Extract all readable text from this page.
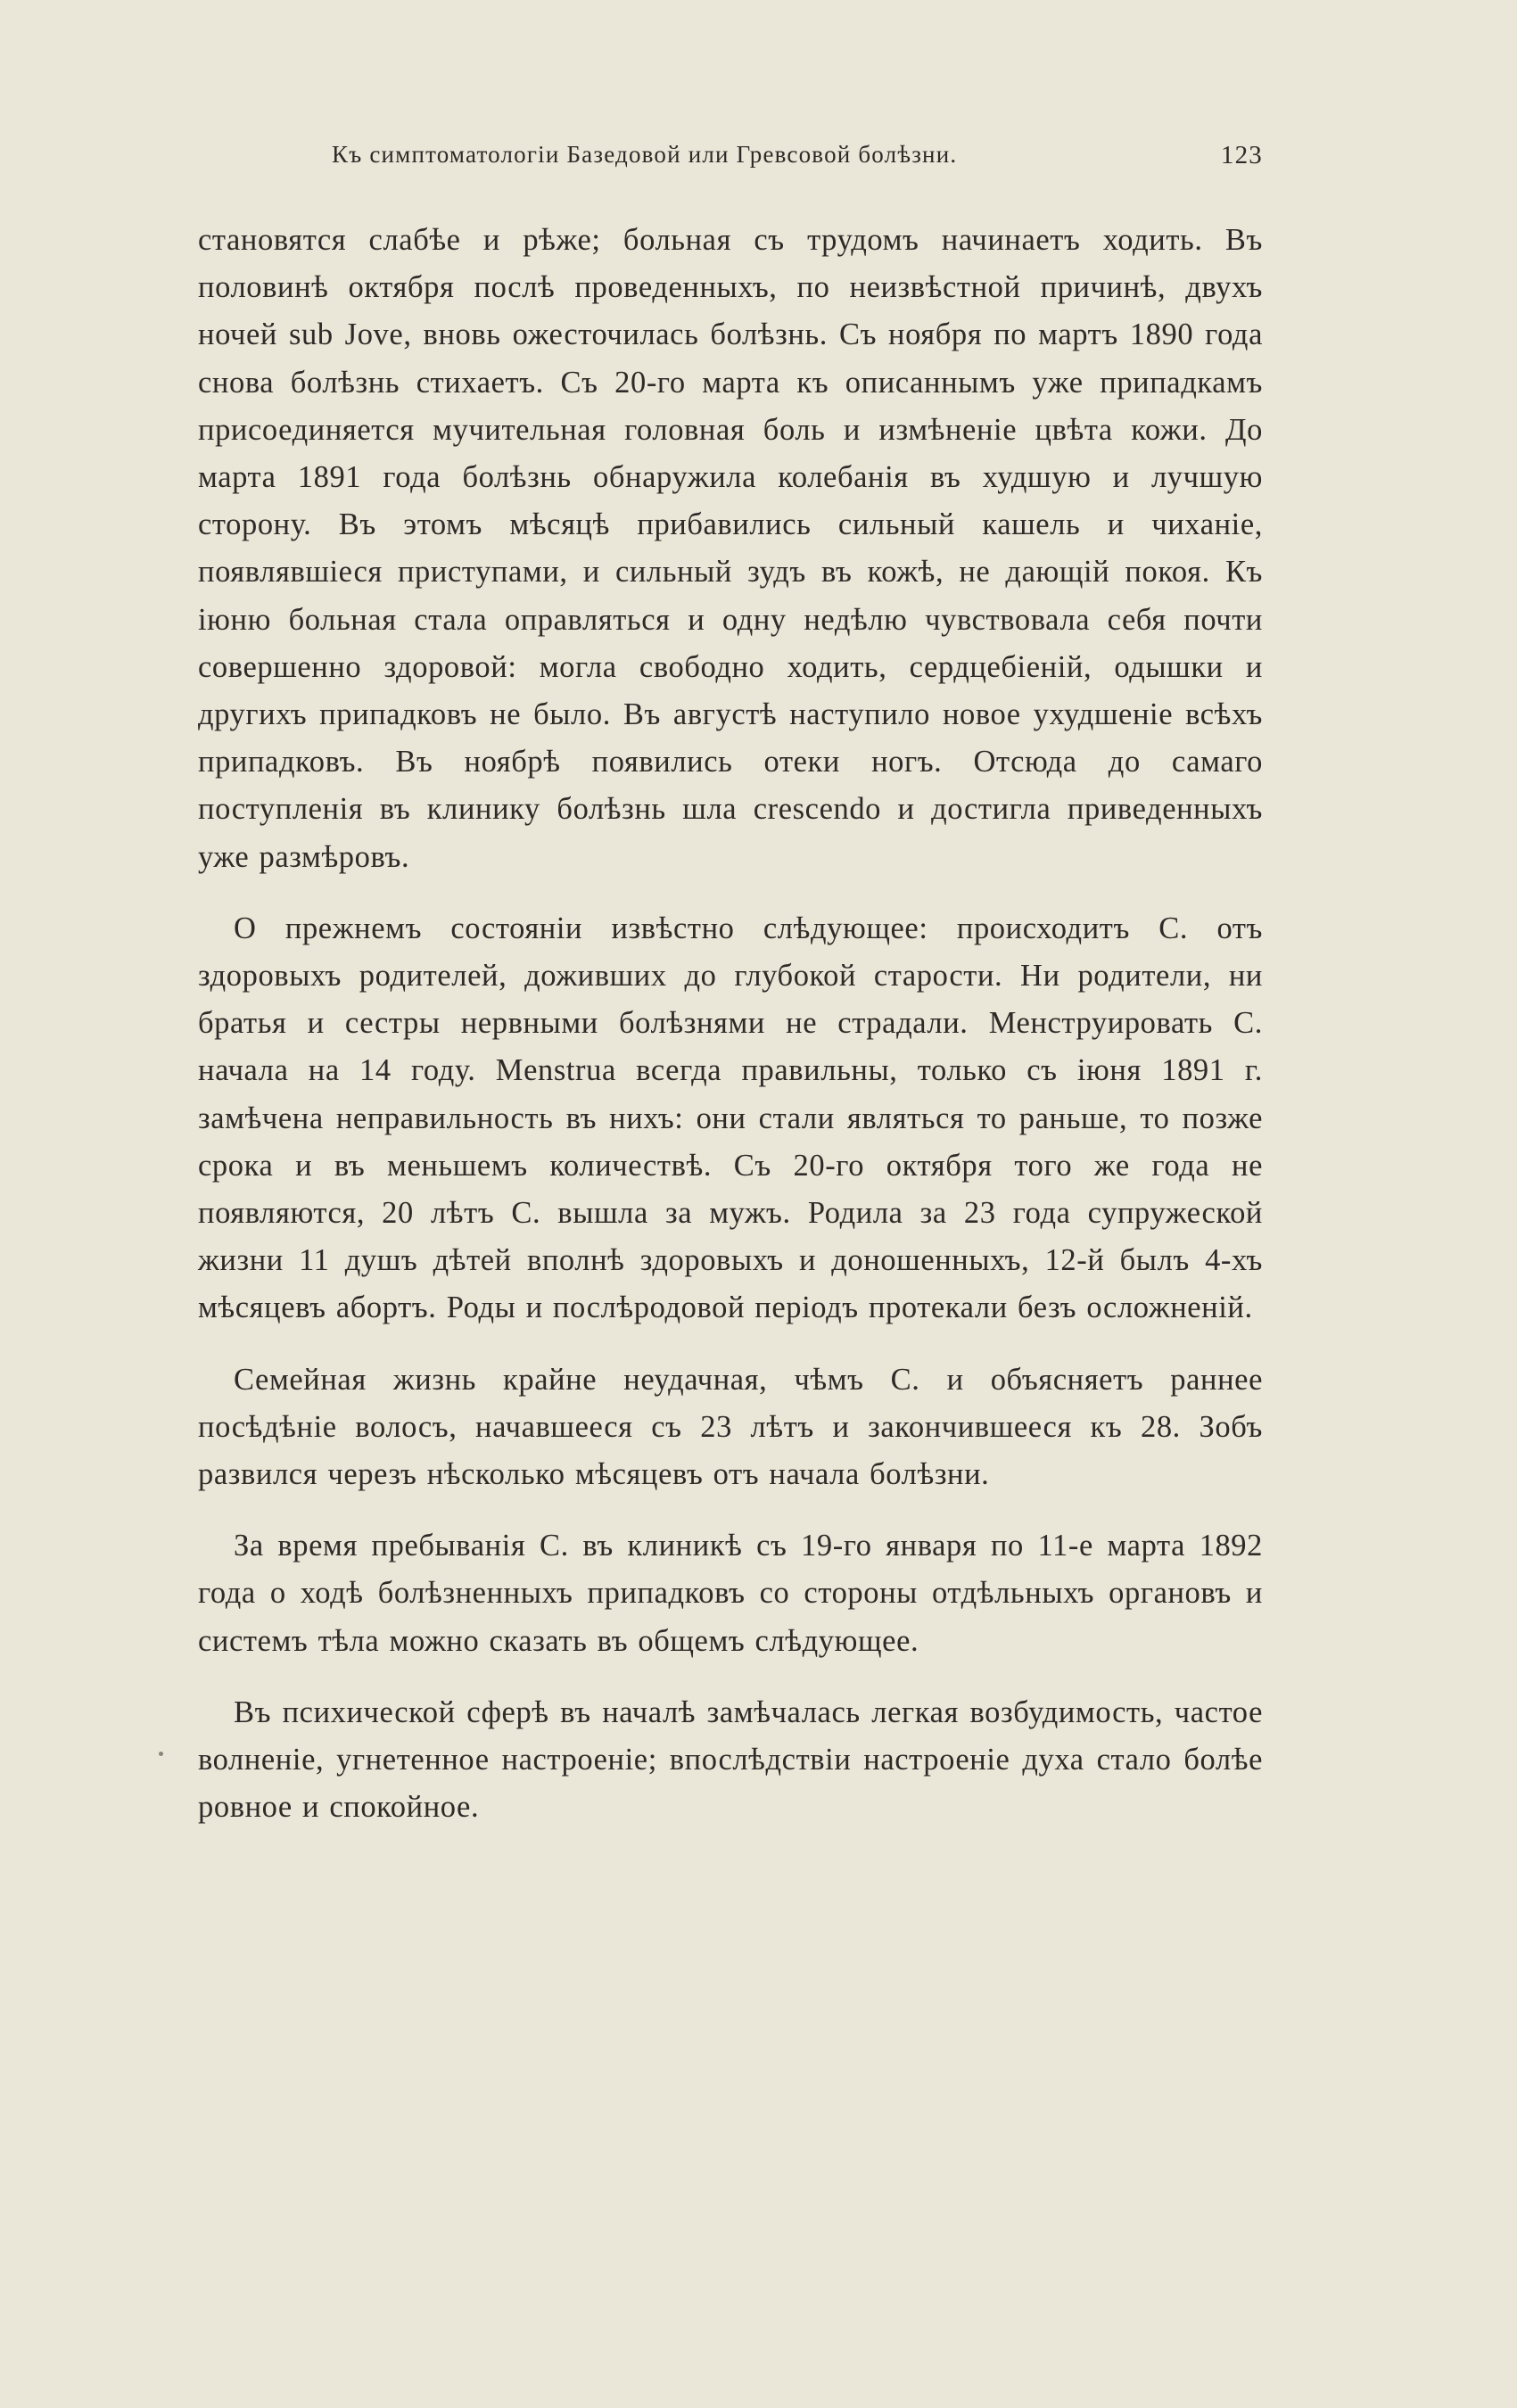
Къ симптоматологіи Базедовой или Гревсовой болѣзни.	123

становятся слабѣе и рѣже; больная съ трудомъ начинаетъ ходить. Въ половинѣ октября послѣ проведенныхъ, по неизвѣстной причинѣ, двухъ ночей sub Jove, вновь ожесточилась болѣзнь. Съ ноября по мартъ 1890 года снова болѣзнь стихаетъ. Съ 20-го марта къ описаннымъ уже припадкамъ присоединяется мучительная головная боль и измѣненіе цвѣта кожи. До марта 1891 года болѣзнь обнаружила колебанія въ худшую и лучшую сторону. Въ этомъ мѣсяцѣ прибавились сильный кашель и чиханіе, появлявшіеся приступами, и сильный зудъ въ кожѣ, не дающій покоя. Къ іюню больная стала оправляться и одну недѣлю чувствовала себя почти совершенно здоровой: могла свободно ходить, сердцебіеній, одышки и другихъ припадковъ не было. Въ августѣ наступило новое ухудшеніе всѣхъ припадковъ. Въ ноябрѣ появились отеки ногъ. Отсюда до самаго поступленія въ клинику болѣзнь шла crescendo и достигла приведенныхъ уже размѣровъ.

О прежнемъ состояніи извѣстно слѣдующее: происходитъ С. отъ здоровыхъ родителей, доживших до глубокой старости. Ни родители, ни братья и сестры нервными болѣзнями не страдали. Менструировать С. начала на 14 году. Menstrua всегда правильны, только съ іюня 1891 г. замѣчена неправильность въ нихъ: они стали являться то раньше, то позже срока и въ меньшемъ количествѣ. Съ 20-го октября того же года не появляются, 20 лѣтъ С. вышла за мужъ. Родила за 23 года супружеской жизни 11 душъ дѣтей вполнѣ здоровыхъ и доношенныхъ, 12-й былъ 4-хъ мѣсяцевъ абортъ. Роды и послѣродовой періодъ протекали безъ осложненій.

Семейная жизнь крайне неудачная, чѣмъ С. и объясняетъ раннее посѣдѣніе волосъ, начавшееся съ 23 лѣтъ и закончившееся къ 28. Зобъ развился черезъ нѣсколько мѣсяцевъ отъ начала болѣзни.

За время пребыванія С. въ клиникѣ съ 19-го января по 11-е марта 1892 года о ходѣ болѣзненныхъ припадковъ со стороны отдѣльныхъ органовъ и системъ тѣла можно сказать въ общемъ слѣдующее.

Въ психической сферѣ въ началѣ замѣчалась легкая возбудимость, частое волненіе, угнетенное настроеніе; впослѣдствіи настроеніе духа стало болѣе ровное и спокойное.
